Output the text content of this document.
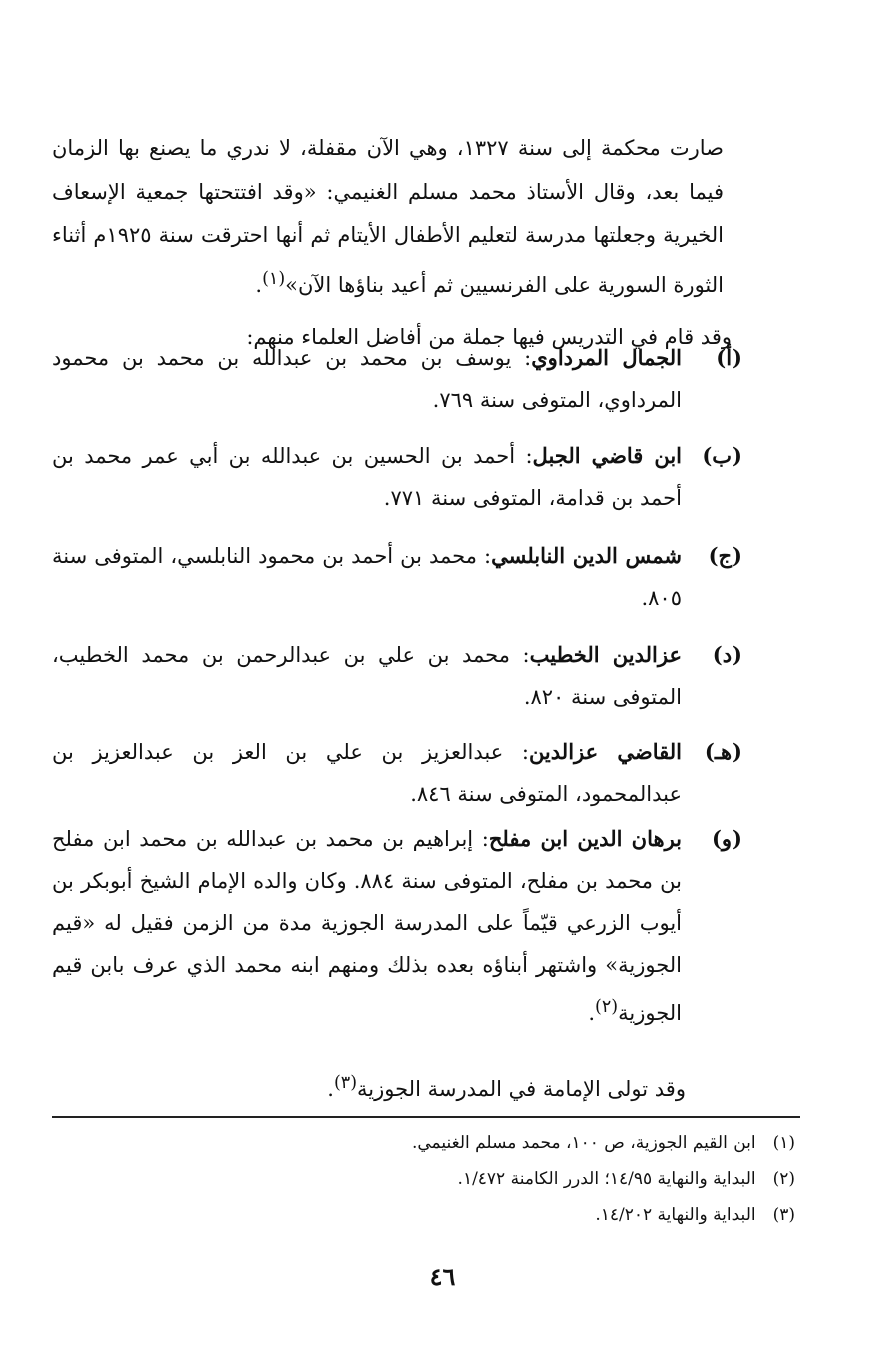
صارت محكمة إلى سنة ١٣٢٧، وهي الآن مقفلة، لا ندري ما يصنع بها الزمان فيما بعد، وقال الأستاذ محمد مسلم الغنيمي: «وقد افتتحتها جمعية الإسعاف الخيرية وجعلتها مدرسة لتعليم الأطفال الأيتام ثم أنها احترقت سنة ١٩٢٥م أثناء الثورة السورية على الفرنسيين ثم أعيد بناؤها الآن»$^{(١)}$.

وقد قام في التدريس فيها جملة من أفاضل العلماء منهم:

(أ)
الجمال المرداوي: يوسف بن محمد بن عبدالله بن محمد بن محمود المرداوي، المتوفى سنة ٧٦٩.
(ب)
ابن قاضي الجبل: أحمد بن الحسين بن عبدالله بن أبي عمر محمد بن أحمد بن قدامة، المتوفى سنة ٧٧١.
(ج)
شمس الدين النابلسي: محمد بن أحمد بن محمود النابلسي، المتوفى سنة ٨٠٥.
(د)
عزالدين الخطيب: محمد بن علي بن عبدالرحمن بن محمد الخطيب، المتوفى سنة ٨٢٠.
(هـ)
القاضي عزالدين: عبدالعزيز بن علي بن العز بن عبدالعزيز بن عبدالمحمود، المتوفى سنة ٨٤٦.
(و)
برهان الدين ابن مفلح: إبراهيم بن محمد بن عبدالله بن محمد ابن مفلح بن محمد بن مفلح، المتوفى سنة ٨٨٤. وكان والده الإمام الشيخ أبوبكر بن أيوب الزرعي قيّماً على المدرسة الجوزية مدة من الزمن فقيل له «قيم الجوزية» واشتهر أبناؤه بعده بذلك ومنهم ابنه محمد الذي عرف بابن قيم الجوزية$^{(٢)}$.

وقد تولى الإمامة في المدرسة الجوزية$^{(٣)}$.

(١) ابن القيم الجوزية، ص ١٠٠، محمد مسلم الغنيمي.
(٢) البداية والنهاية ١٤/٩٥؛ الدرر الكامنة ١/٤٧٢.
(٣) البداية والنهاية ١٤/٢٠٢.
٤٦
